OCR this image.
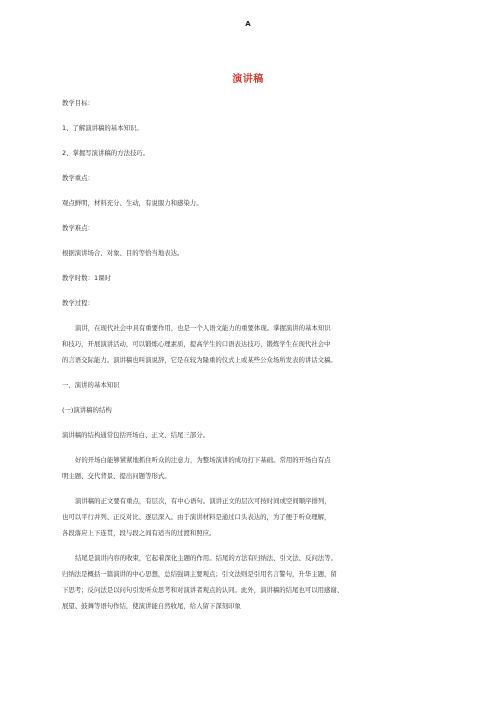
A
演讲稿
教学目标：
1、了解演讲稿的基本知识。
2、掌握写演讲稿的方法技巧。
教学重点：
观点鲜明，材料充分、生动，有说服力和感染力。
教学难点：
根据演讲场合、对象、目的等恰当地表达。
教学时数：1课时
教学过程：
演讲，在现代社会中具有重要作用，也是一个人语文能力的重要体现。掌握演讲的基本知识
和技巧，开展演讲活动，可以锻炼心理素质，提高学生的口语表达技巧，锻炼学生在现代社会中
的言语交际能力。演讲稿也叫演说辞，它是在较为隆重的仪式上或某些公众场所发表的讲话文稿。
一、演讲的基本知识
(一)演讲稿的结构
演讲稿的结构通常包括开场白、正文、结尾三部分。
好的开场白能够紧紧地抓住听众的注意力，为整场演讲的成功打下基础。常用的开场白有点
明主题、交代背景、提出问题等形式。
演讲稿的正文要有重点，有层次，有中心语句。演讲正文的层次可按时间或空间顺序排列，
也可以平行并列、正反对比、逐层深入。由于演讲材料是通过口头表达的，为了便于听众理解，
各段落应上下连贯，段与段之间有适当的过渡和照应。
结尾是演讲内容的收束，它起着深化主题的作用。结尾的方法有归纳法、引文法、反问法等。
归纳法是概括一篇演讲的中心思想，总结强调主要观点；引文法则是引用名言警句，升华主题，留
下思考；反问法是以问句引发听众思考和对演讲者观点的认同。此外，演讲稿的结尾也可以用感谢、
展望、鼓舞等语句作结，使演讲能自然收尾，给人留下深刻印象
